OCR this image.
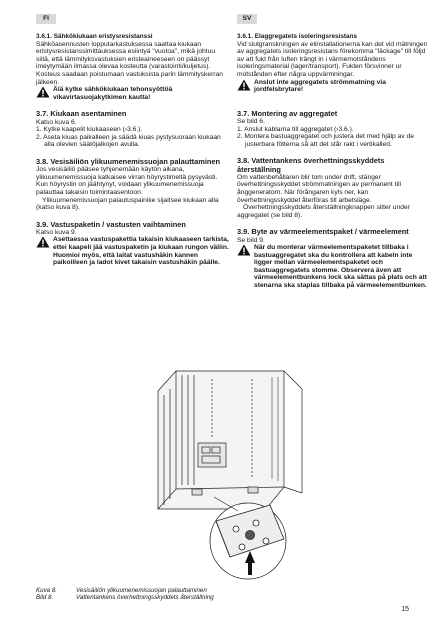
FI	SV

3.6.1. Sähkökiukaan eristysresistanssi

Sähköasennusten lopputarkastuksessa saattaa kiukaan eristysresistanssimittauksessa esiintyä "vuotoa", mikä johtuu siitä, että lämmityksvastuksien eristeaineeseen on päässyt imeytymään ilmassa olevaa kosteutta (varastointi/kuljetus). Kosteus saadaan poistumaan vastuksista parin lämmityskerran jälkeen.

Älä kytke sähkökiukaan tehonsyöttöä vikavirtasuojakytkimen kautta!
3.7. Kiukaan asentaminen

Katso kuva 6.

1. Kytke kaapelit kiukaaseen (›3.6.).

2. Aseta kiuas paikalleen ja säädä kiuas pystysuoraan kiukaan alla olevien säätöjalkojen avulla.

3.8. Vesisäiliön ylikuumenemissuojan palauttaminen

Jos vesisäiliö pääsee tyhjenemään käytön aikana, ylikuumenemissuoja katkaisee virran höyrystimeltä pysyvästi. Kun höyrystin on jäähtynyt, voidaan ylikuumenemissuoja palauttaa takaisin toimintaasentoon.

Ylikuumenemissuojan palautuspainike sijaitsee kiukaan alla (katso kuva 8).

3.9. Vastuspaketin / vastusten vaihtaminen

Katso kuva 9.

Asettaessa vastuspakettia takaisin kiukaaseen tarkista, ettei kaapeli jää vastuspaketin ja kiukaan rungon väliin. Huomioi myös, että laitat vastushäkin kannen paikoilleen ja ladot kivet takaisin vastushäkin päälle.

3.6.1. Elaggregatets isoleringsresistans

Vid slutgranskningen av elinstallationerna kan det vid mätningen av aggregatets isoleringsresistans förekomma "läckage" till följd av att fukt från luften trängt in i värmemotståndens isoleringsmaterial (lager/transport). Fukten försvinner ur motstånden efter några uppvärmningar.

Anslut inte aggregatets strömmatning via jordfelsbrytare!
3.7. Montering av aggregatet

Se bild 6.

1. Anslut kablarna till aggregatet (›3.6.).

2. Montera bastuaggregatet och justera det med hjälp av de justerbara fötterna så att det står rakt i vertikalled.

3.8. Vattentankens överhettningsskyddets återställning

Om vattenbehållaren blir tom under drift, stänger överhettningsskyddet strömmatningen av permanent till ånggeneratorn. När förångaren kyls ner, kan överhettningsskyddet återföras till arbetsläge.

Överhettningsskyddets återställningknappen sitter under aggregatet (se bild 8).

3.9. Byte av värmeelementspaket / värmeelement

Se bild 9.

När du monterar värmeelementspaketet tillbaka i bastuaggregatet ska du kontrollera att kabeln inte ligger mellan värmeelementspaketet och bastuaggregatets stomme. Observera även att värmeelementbunkens lock ska sättas på plats och att stenarna ska staplas tillbaka på värmeelementbunken.
Kuva 8.	Vesisäiliön ylikuumenemissuojan palauttaminen
Bild 8.	Vattentankens överhettningsskyddets återställning
15
